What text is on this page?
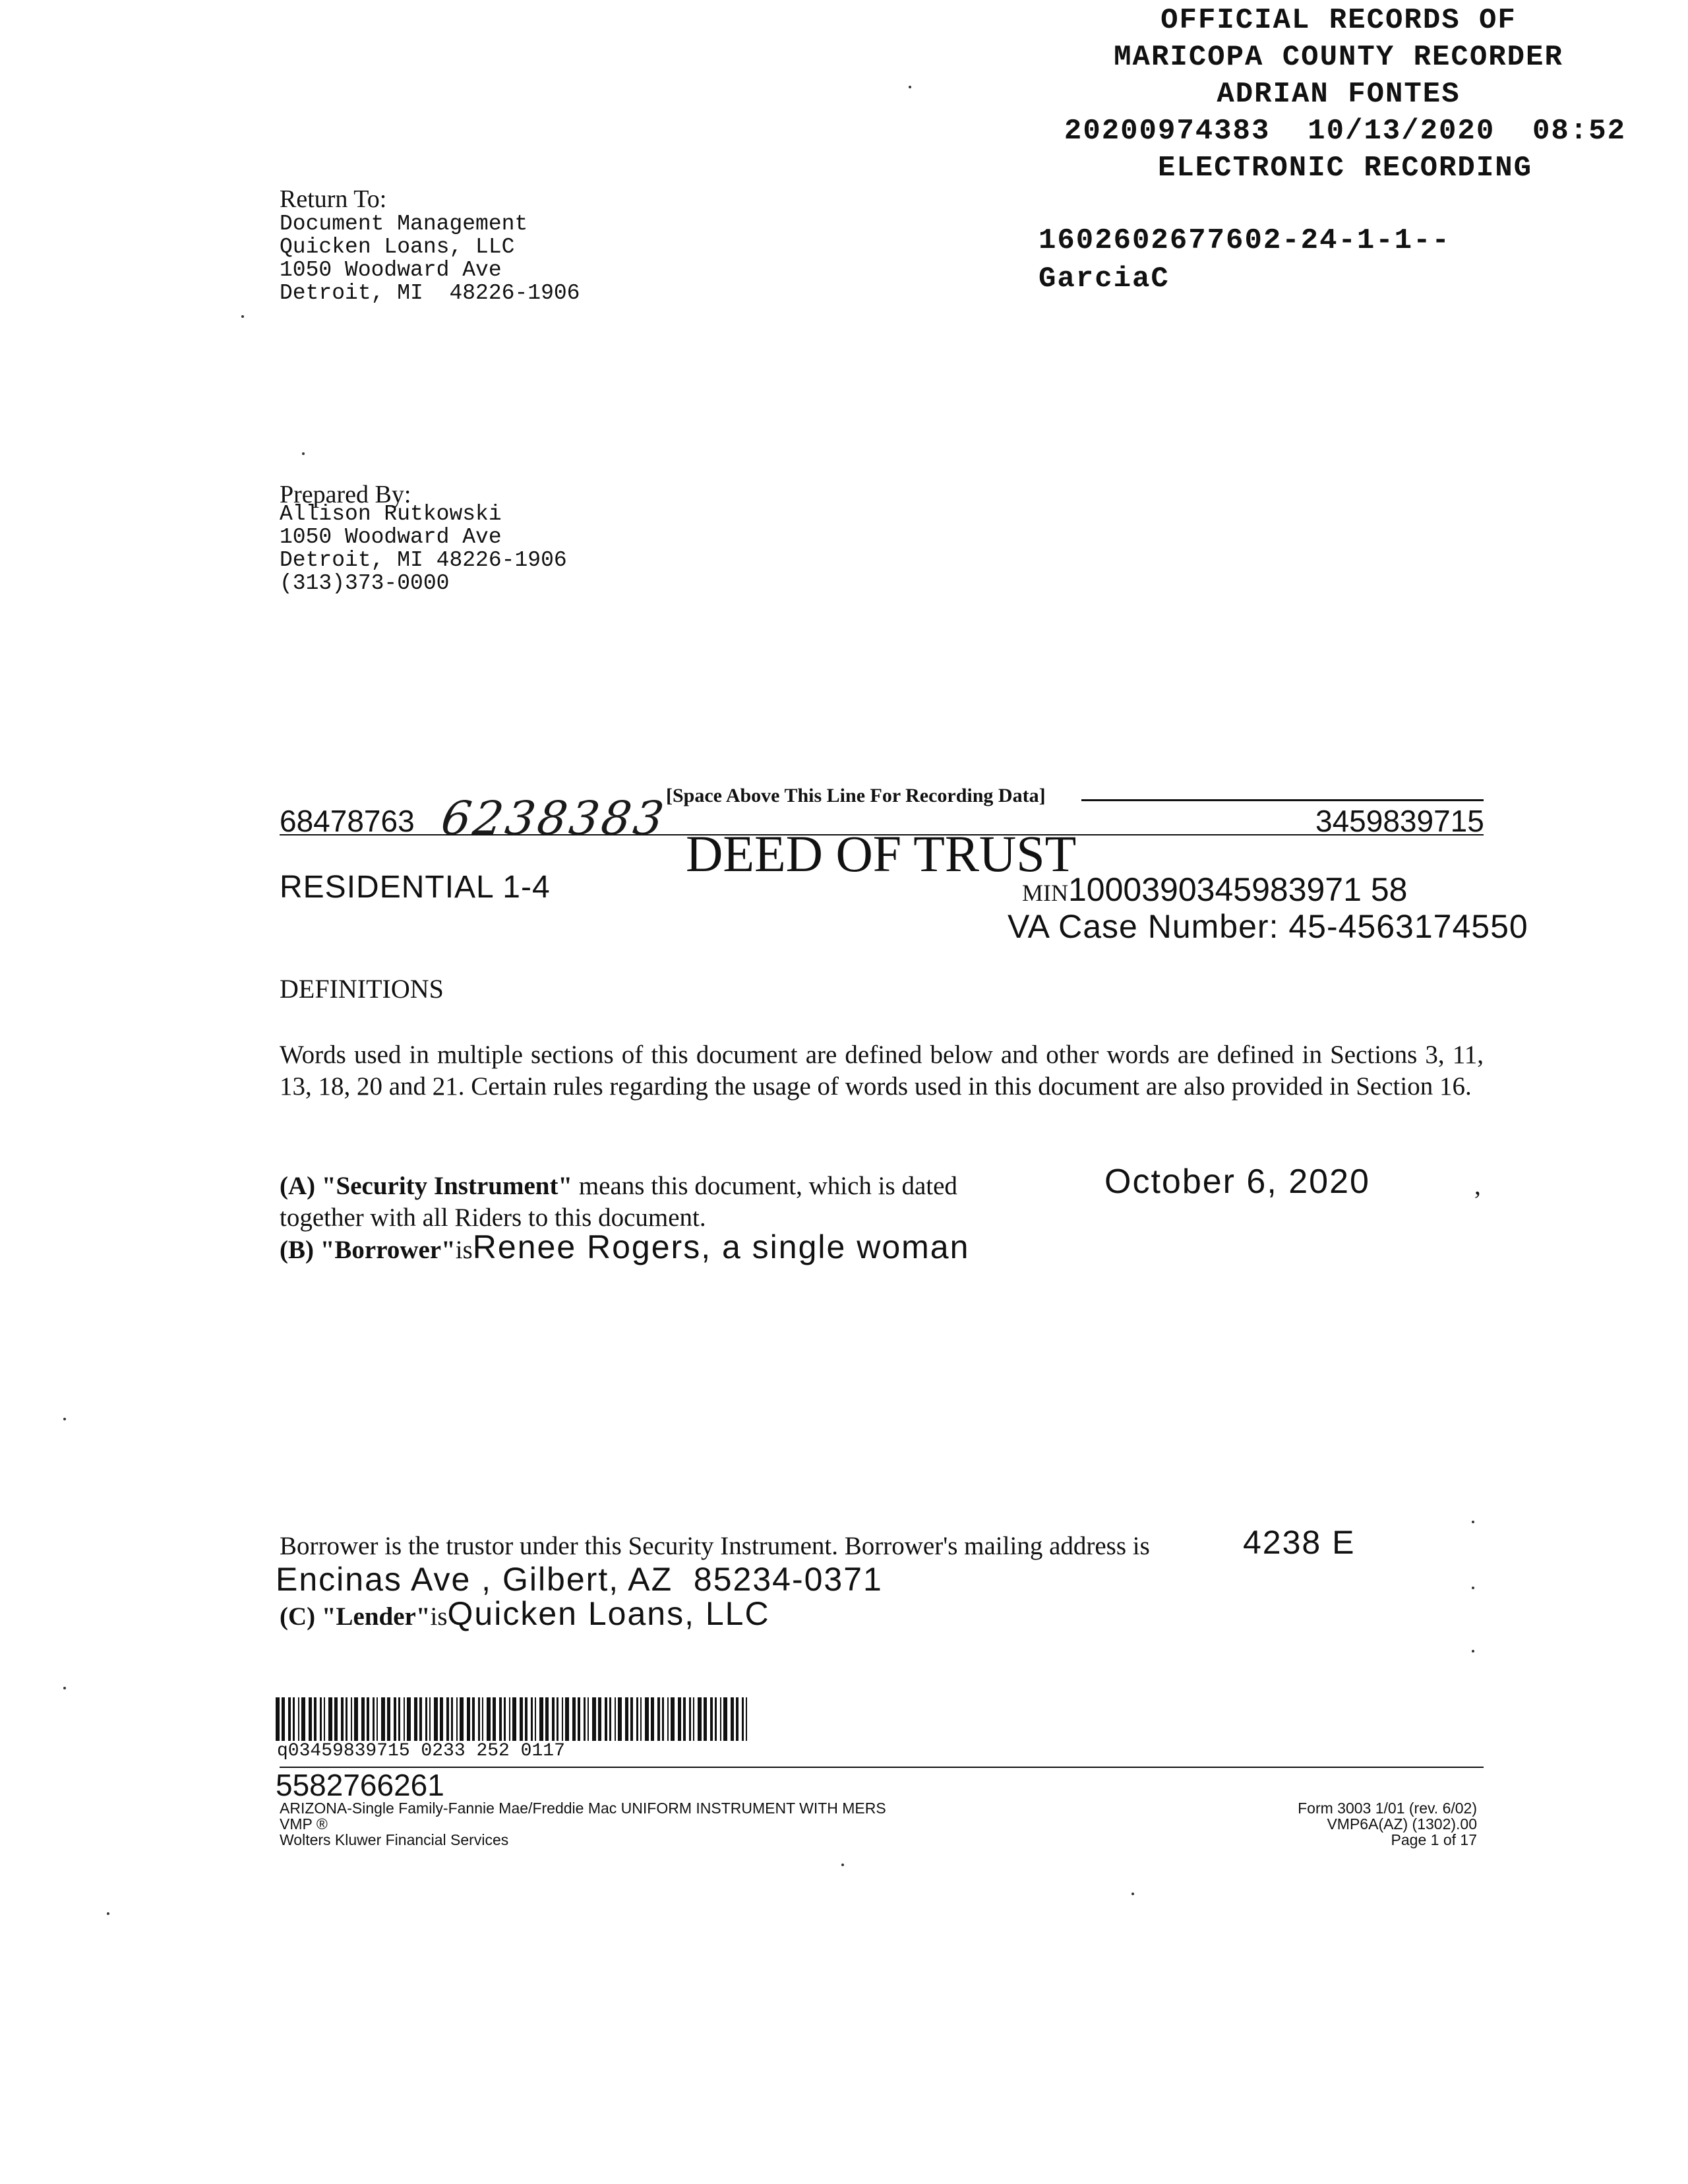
OFFICIAL RECORDS OF
MARICOPA COUNTY RECORDER
ADRIAN FONTES
20200974383  10/13/2020  08:52
ELECTRONIC RECORDING
1602602677602-24-1-1--
GarciaC
Return To:
Document Management
Quicken Loans, LLC
1050 Woodward Ave
Detroit, MI  48226-1906
Prepared By:
Allison Rutkowski
1050 Woodward Ave
Detroit, MI 48226-1906
(313)373-0000
[Space Above This Line For Recording Data]
68478763 6238383	3459839715
DEED OF TRUST
RESIDENTIAL 1-4	MIN1000390345983971 58
VA Case Number: 45-4563174550
DEFINITIONS
Words used in multiple sections of this document are defined below and other words are defined in Sections 3, 11, 13, 18, 20 and 21. Certain rules regarding the usage of words used in this document are also provided in Section 16.
(A) "Security Instrument" means this document, which is dated	October 6, 2020	,
together with all Riders to this document.
(B) "Borrower"isRenee Rogers, a single woman
Borrower is the trustor under this Security Instrument. Borrower's mailing address is	4238 E
Encinas Ave , Gilbert, AZ  85234-0371
(C) "Lender"isQuicken Loans, LLC
q03459839715 0233 252 0117
5582766261
ARIZONA-Single Family-Fannie Mae/Freddie Mac UNIFORM INSTRUMENT WITH MERS
VMP ®
Wolters Kluwer Financial Services
Form 3003 1/01 (rev. 6/02)
VMP6A(AZ) (1302).00
Page 1 of 17
